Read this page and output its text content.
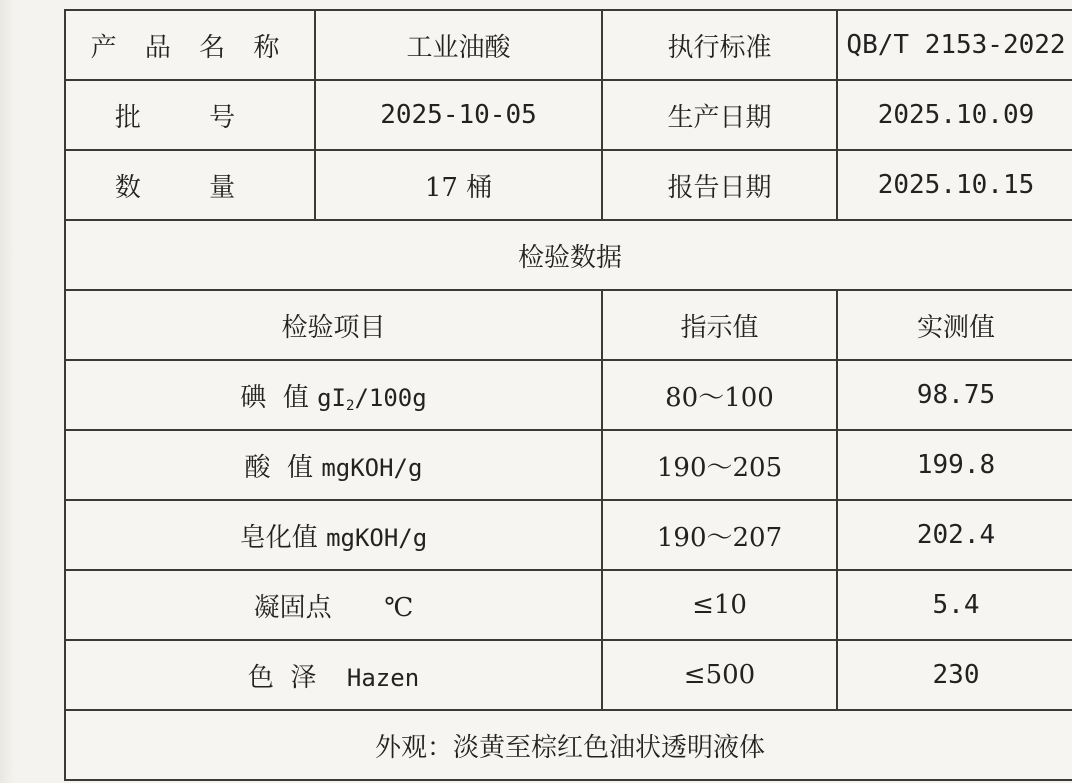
产 品 名 称	工业油酸	执行标准	QB/T 2153-2022
批 号	2025-10-05	生产日期	2025.10.09
数 量	17 桶	报告日期	2025.10.15
检验数据			
检验项目		指示值	实测值
碘  值 gI2/100g		80～100	98.75
酸  值 mgKOH/g		190～205	199.8
皂化值 mgKOH/g		190～207	202.4
凝固点 ℃		≤10	5.4
色  泽 Hazen		≤500	230
外观：淡黄至棕红色油状透明液体			
